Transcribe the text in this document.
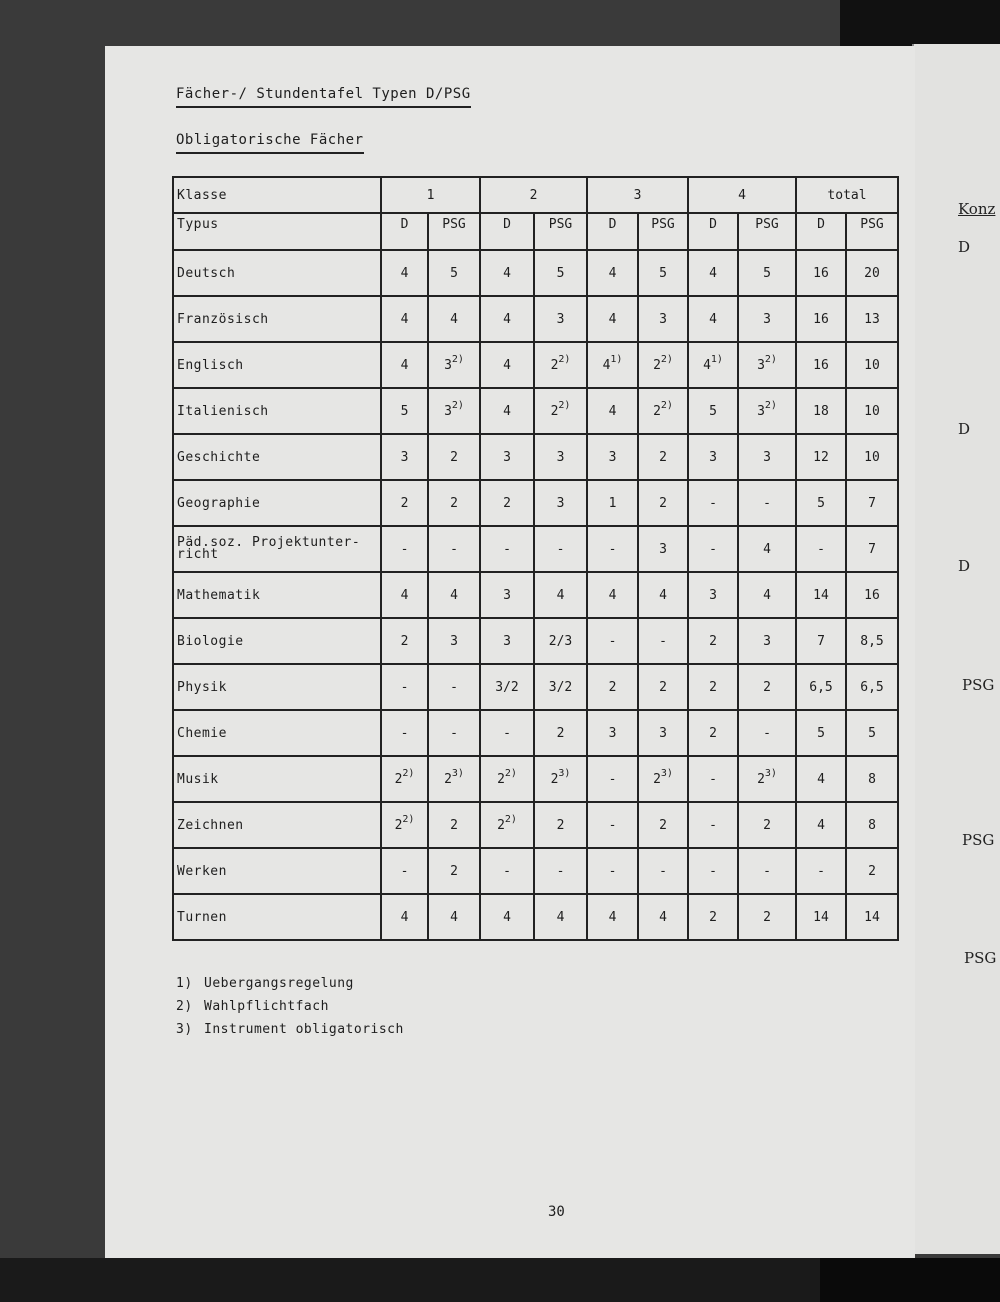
Konz
D
D
D
PSG
PSG
PSG
Fächer-/ Stundentafel Typen D/PSG
Obligatorische Fächer
Klasse	1		2		3		4		total	
Typus	D	PSG	D	PSG	D	PSG	D	PSG	D	PSG
Deutsch	4	5	4	5	4	5	4	5	16	20
Französisch	4	4	4	3	4	3	4	3	16	13
Englisch	4	3$^{2)}$	4	2$^{2)}$	4$^{1)}$	2$^{2)}$	4$^{1)}$	3$^{2)}$	16	10
Italienisch	5	3$^{2)}$	4	2$^{2)}$	4	2$^{2)}$	5	3$^{2)}$	18	10
Geschichte	3	2	3	3	3	2	3	3	12	10
Geographie	2	2	2	3	1	2	-	-	5	7
Päd.soz. Projektunter-richt	-	-	-	-	-	3	-	4	-	7
Mathematik	4	4	3	4	4	4	3	4	14	16
Biologie	2	3	3	2/3	-	-	2	3	7	8,5
Physik	-	-	3/2	3/2	2	2	2	2	6,5	6,5
Chemie	-	-	-	2	3	3	2	-	5	5
Musik	2$^{2)}$	2$^{3)}$	2$^{2)}$	2$^{3)}$	-	2$^{3)}$	-	2$^{3)}$	4	8
Zeichnen	2$^{2)}$	2	2$^{2)}$	2	-	2	-	2	4	8
Werken	-	2	-	-	-	-	-	-	-	2
Turnen	4	4	4	4	4	4	2	2	14	14
1) Uebergangsregelung
2) Wahlpflichtfach
3) Instrument obligatorisch
30
